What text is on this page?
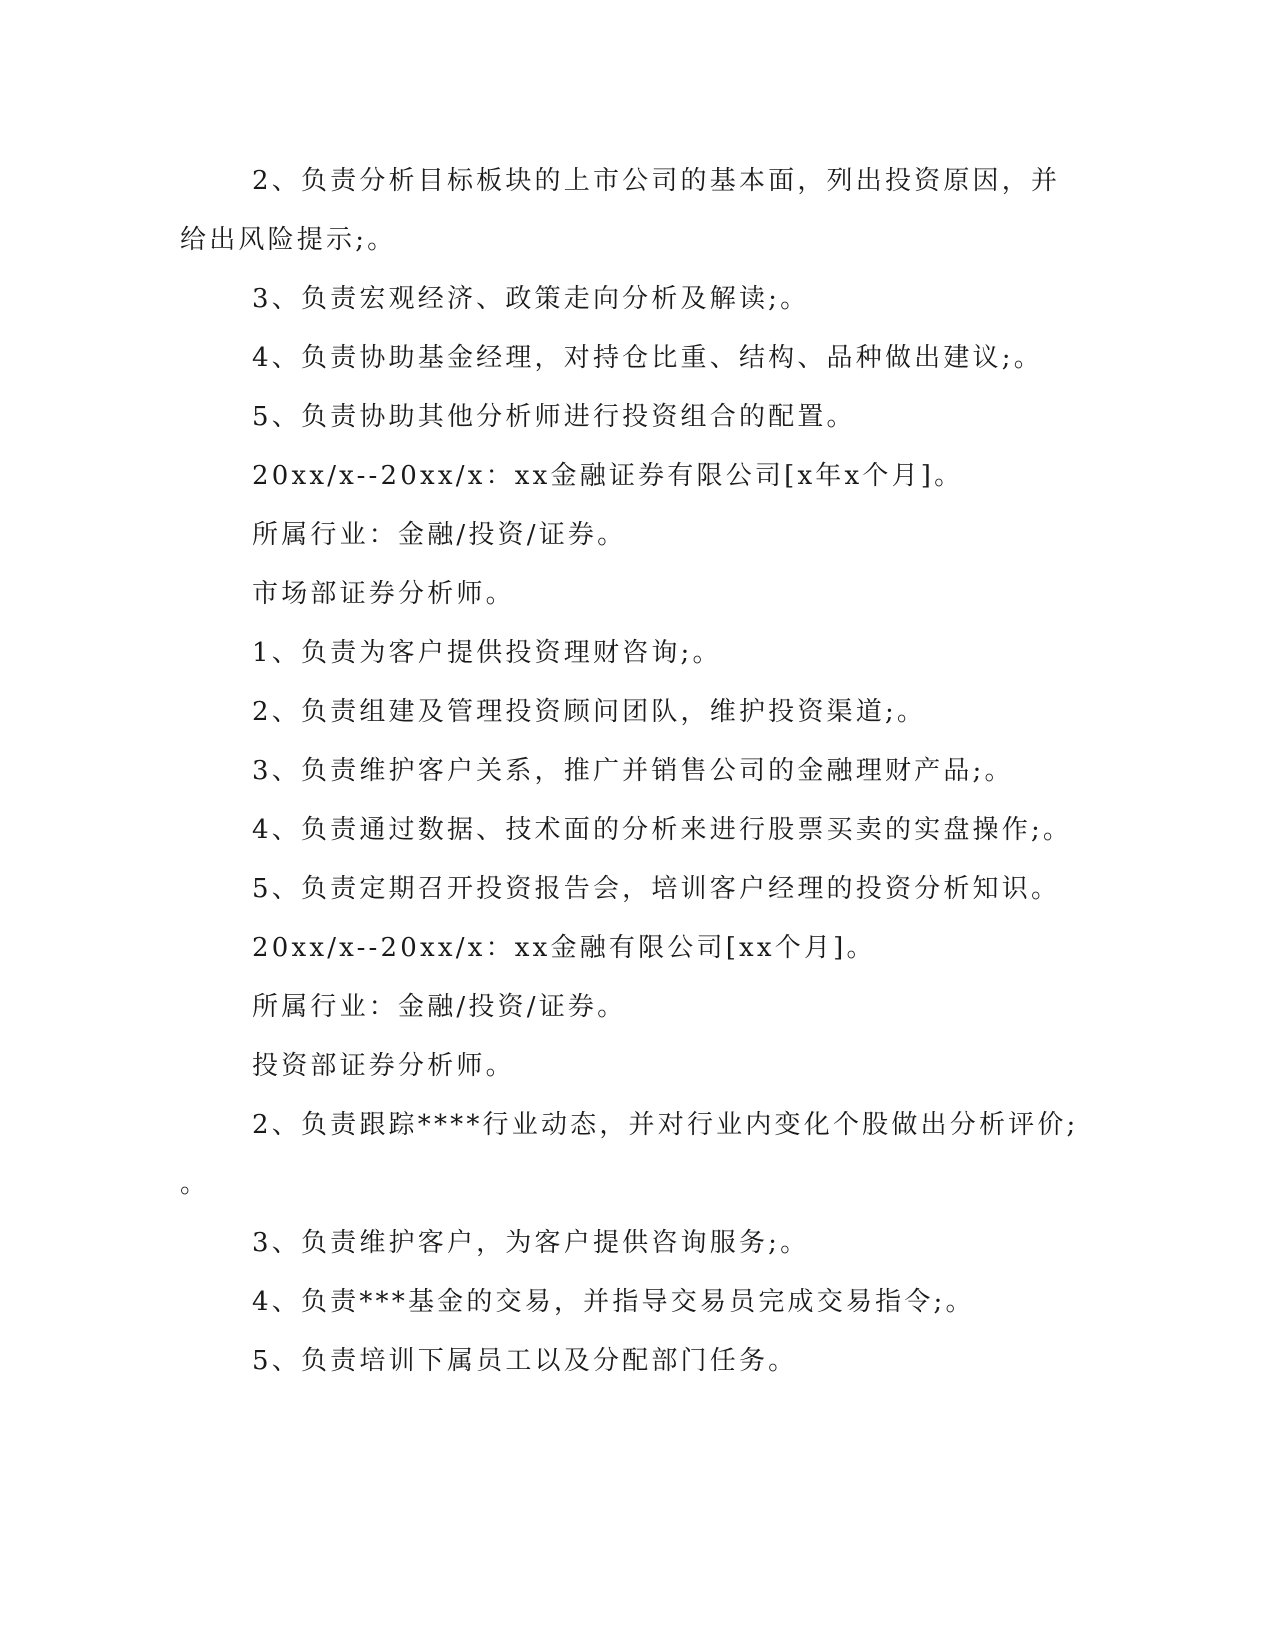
2、负责分析目标板块的上市公司的基本面，列出投资原因，并
给出风险提示;。
3、负责宏观经济、政策走向分析及解读;。
4、负责协助基金经理，对持仓比重、结构、品种做出建议;。
5、负责协助其他分析师进行投资组合的配置。
20xx/x--20xx/x：xx金融证券有限公司[x年x个月]。
所属行业：金融/投资/证券。
市场部证券分析师。
1、负责为客户提供投资理财咨询;。
2、负责组建及管理投资顾问团队，维护投资渠道;。
3、负责维护客户关系，推广并销售公司的金融理财产品;。
4、负责通过数据、技术面的分析来进行股票买卖的实盘操作;。
5、负责定期召开投资报告会，培训客户经理的投资分析知识。
20xx/x--20xx/x：xx金融有限公司[xx个月]。
所属行业：金融/投资/证券。
投资部证券分析师。
2、负责跟踪****行业动态，并对行业内变化个股做出分析评价;
。
3、负责维护客户，为客户提供咨询服务;。
4、负责***基金的交易，并指导交易员完成交易指令;。
5、负责培训下属员工以及分配部门任务。
